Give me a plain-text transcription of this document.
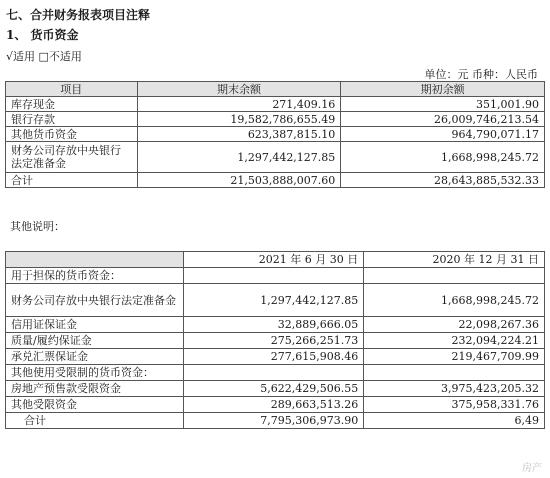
七、合并财务报表项目注释
1、 货币资金
√适用 □不适用
单位：元 币种：人民币
项目	期末余额	期初余额
库存现金	271,409.16	351,001.90
银行存款	19,582,786,655.49	26,009,746,213.54
其他货币资金	623,387,815.10	964,790,071.17
财务公司存放中央银行法定准备金	1,297,442,127.85	1,668,998,245.72
合计	21,503,888,007.60	28,643,885,532.33
其他说明：
	2021 年 6 月 30 日	2020 年 12 月 31 日
用于担保的货币资金：		
财务公司存放中央银行法定准备金	1,297,442,127.85	1,668,998,245.72
信用证保证金	32,889,666.05	22,098,267.36
质量/履约保证金	275,266,251.73	232,094,224.21
承兑汇票保证金	277,615,908.46	219,467,709.99
其他使用受限制的货币资金：		
房地产预售款受限资金	5,622,429,506.55	3,975,423,205.32
其他受限资金	289,663,513.26	375,958,331.76
合计	7,795,306,973.90	6,49
房产
